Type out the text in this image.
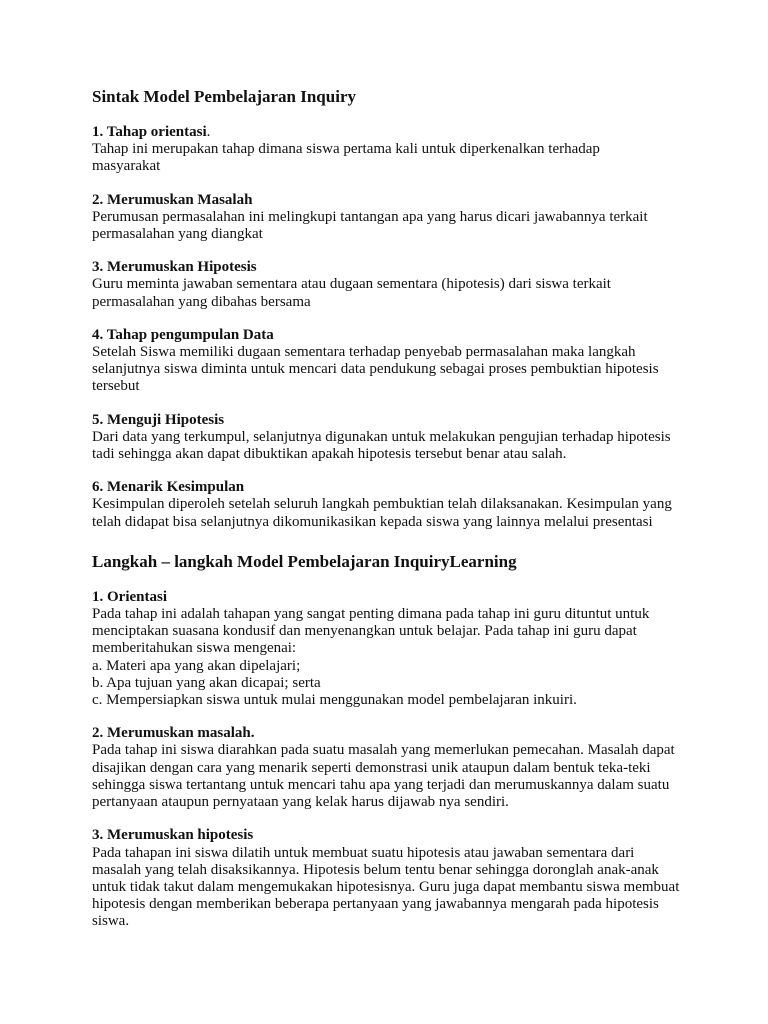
Sintak Model Pembelajaran Inquiry
1. Tahap orientasi.
Tahap ini merupakan tahap dimana siswa pertama kali untuk diperkenalkan terhadap masyarakat
2. Merumuskan Masalah
Perumusan permasalahan ini melingkupi tantangan apa yang harus dicari jawabannya terkait permasalahan yang diangkat
3. Merumuskan Hipotesis
Guru meminta jawaban sementara atau dugaan sementara (hipotesis) dari siswa terkait permasalahan yang dibahas bersama
4. Tahap pengumpulan Data
Setelah Siswa memiliki dugaan sementara terhadap penyebab permasalahan maka langkah selanjutnya siswa diminta untuk mencari data pendukung sebagai proses pembuktian hipotesis tersebut
5. Menguji Hipotesis
Dari data yang terkumpul, selanjutnya digunakan untuk melakukan pengujian terhadap hipotesis tadi sehingga akan dapat dibuktikan apakah hipotesis tersebut benar atau salah.
6. Menarik Kesimpulan
Kesimpulan diperoleh setelah seluruh langkah pembuktian telah dilaksanakan. Kesimpulan yang telah didapat bisa selanjutnya dikomunikasikan kepada siswa yang lainnya melalui presentasi
Langkah – langkah Model Pembelajaran InquiryLearning
1. Orientasi
Pada tahap ini adalah tahapan yang sangat penting dimana pada tahap ini guru dituntut untuk menciptakan suasana kondusif dan menyenangkan untuk belajar. Pada tahap ini guru dapat memberitahukan siswa mengenai:
a. Materi apa yang akan dipelajari;
b. Apa tujuan yang akan dicapai; serta
c. Mempersiapkan siswa untuk mulai menggunakan model pembelajaran inkuiri.
2. Merumuskan masalah.
Pada tahap ini siswa diarahkan pada suatu masalah yang memerlukan pemecahan. Masalah dapat disajikan dengan cara yang menarik seperti demonstrasi unik ataupun dalam bentuk teka-teki sehingga siswa tertantang untuk mencari tahu apa yang terjadi dan merumuskannya dalam suatu pertanyaan ataupun pernyataan yang kelak harus dijawab nya sendiri.
3. Merumuskan hipotesis
Pada tahapan ini siswa dilatih untuk membuat suatu hipotesis atau jawaban sementara dari masalah yang telah disaksikannya. Hipotesis belum tentu benar sehingga doronglah anak-anak untuk tidak takut dalam mengemukakan hipotesisnya. Guru juga dapat membantu siswa membuat hipotesis dengan memberikan beberapa pertanyaan yang jawabannya mengarah pada hipotesis siswa.
